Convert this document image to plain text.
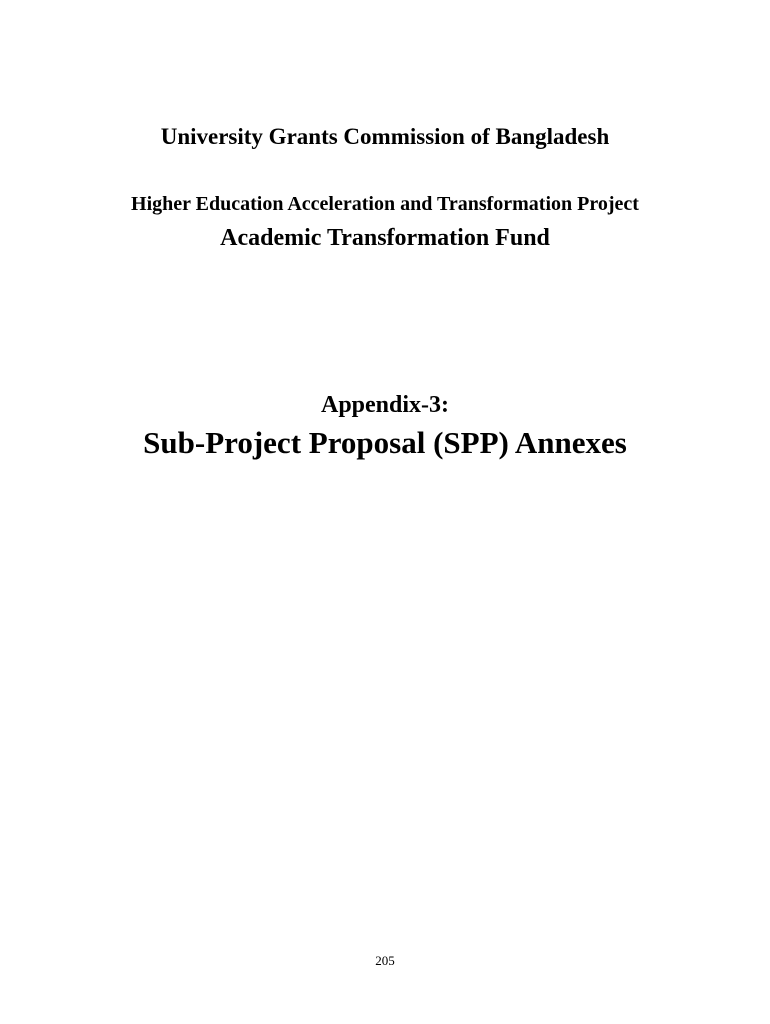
University Grants Commission of Bangladesh
Higher Education Acceleration and Transformation Project
Academic Transformation Fund
Appendix-3:
Sub-Project Proposal (SPP) Annexes
205
